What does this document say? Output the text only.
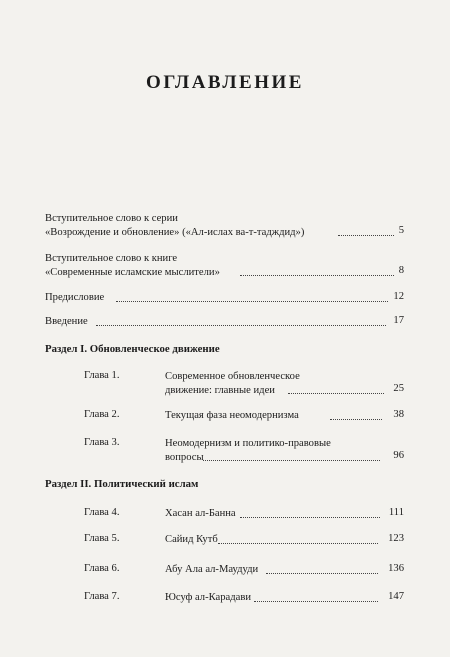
ОГЛАВЛЕНИЕ
Вступительное слово к серии
«Возрождение и обновление» («Ал-ислах ва-т-тадждид»)	5
Вступительное слово к книге
«Современные исламские мыслители»	8
Предисловие	12
Введение	17
Раздел I. Обновленческое движение
Глава 1.	Современное обновленческое
движение: главные идеи	25
Глава 2.	Текущая фаза неомодернизма	38
Глава 3.	Неомодернизм и политико-правовые
вопросы	96
Раздел II. Политический ислам
Глава 4.	Хасан ал-Банна	111
Глава 5.	Сайид Кутб	123
Глава 6.	Абу Ала ал-Маудуди	136
Глава 7.	Юсуф ал-Карадави	147
